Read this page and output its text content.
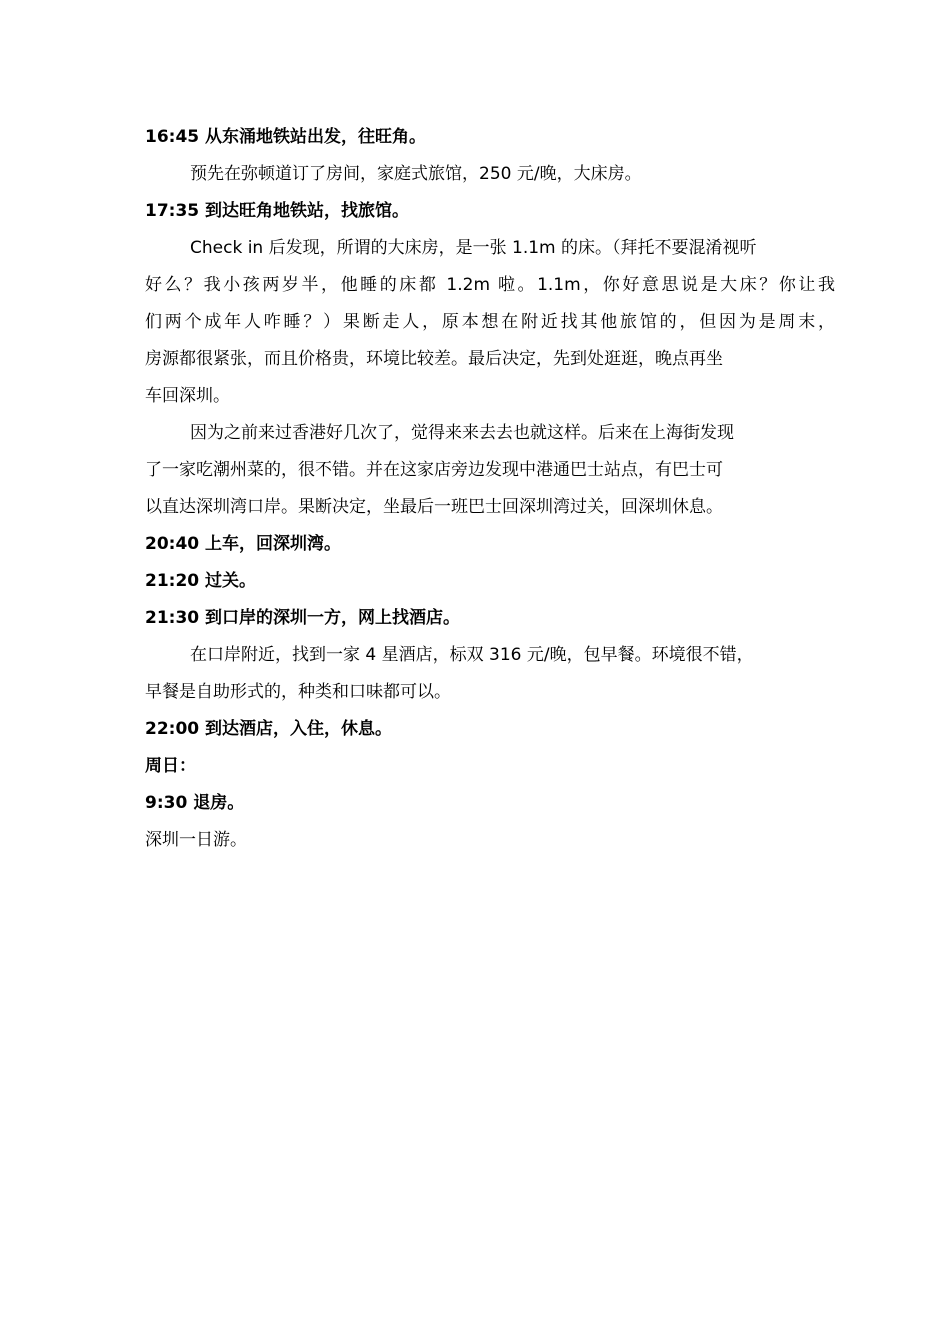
16:45 从东涌地铁站出发，往旺角。
预先在弥顿道订了房间，家庭式旅馆，250 元/晚，大床房。
17:35 到达旺角地铁站，找旅馆。
Check in 后发现，所谓的大床房，是一张 1.1m 的床。（拜托不要混淆视听
好么？我小孩两岁半，他睡的床都 1.2m 啦。1.1m，你好意思说是大床？你让我
们两个成年人咋睡？）果断走人，原本想在附近找其他旅馆的，但因为是周末，
房源都很紧张，而且价格贵，环境比较差。最后决定，先到处逛逛，晚点再坐
车回深圳。
因为之前来过香港好几次了，觉得来来去去也就这样。后来在上海街发现
了一家吃潮州菜的，很不错。并在这家店旁边发现中港通巴士站点，有巴士可
以直达深圳湾口岸。果断决定，坐最后一班巴士回深圳湾过关，回深圳休息。
20:40 上车，回深圳湾。
21:20 过关。
21:30 到口岸的深圳一方，网上找酒店。
在口岸附近，找到一家 4 星酒店，标双 316 元/晚，包早餐。环境很不错，
早餐是自助形式的，种类和口味都可以。
22:00 到达酒店，入住，休息。
周日：
9:30 退房。
深圳一日游。
